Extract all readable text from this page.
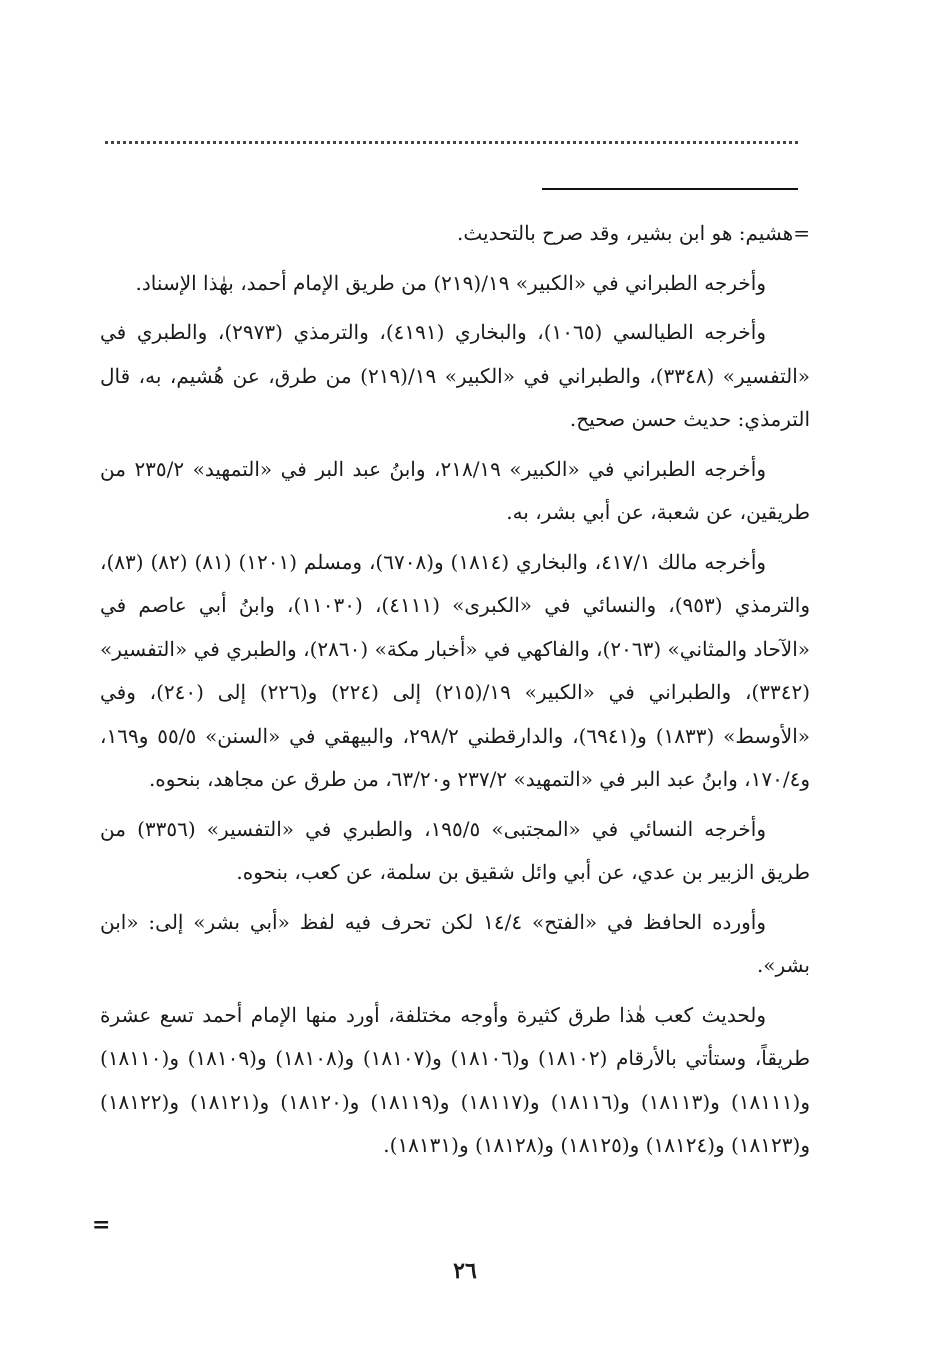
=هشيم: هو ابن بشير، وقد صرح بالتحديث.

وأخرجه الطبراني في «الكبير» ١٩/(٢١٩) من طريق الإمام أحمد، بهٰذا الإسناد.

وأخرجه الطيالسي (١٠٦٥)، والبخاري (٤١٩١)، والترمذي (٢٩٧٣)، والطبري في «التفسير» (٣٣٤٨)، والطبراني في «الكبير» ١٩/(٢١٩) من طرق، عن هُشيم، به، قال الترمذي: حديث حسن صحيح.

وأخرجه الطبراني في «الكبير» ٢١٨/١٩، وابنُ عبد البر في «التمهيد» ٢٣٥/٢ من طريقين، عن شعبة، عن أبي بشر، به.

وأخرجه مالك ٤١٧/١، والبخاري (١٨١٤) و(٦٧٠٨)، ومسلم (١٢٠١) (٨١) (٨٢) (٨٣)، والترمذي (٩٥٣)، والنسائي في «الكبرى» (٤١١١)، (١١٠٣٠)، وابنُ أبي عاصم في «الآحاد والمثاني» (٢٠٦٣)، والفاكهي في «أخبار مكة» (٢٨٦٠)، والطبري في «التفسير» (٣٣٤٢)، والطبراني في «الكبير» ١٩/(٢١٥) إلى (٢٢٤) و(٢٢٦) إلى (٢٤٠)، وفي «الأوسط» (١٨٣٣) و(٦٩٤١)، والدارقطني ٢٩٨/٢، والبيهقي في «السنن» ٥٥/٥ و١٦٩، و١٧٠/٤، وابنُ عبد البر في «التمهيد» ٢٣٧/٢ و٦٣/٢٠، من طرق عن مجاهد، بنحوه.

وأخرجه النسائي في «المجتبى» ١٩٥/٥، والطبري في «التفسير» (٣٣٥٦) من طريق الزبير بن عدي، عن أبي وائل شقيق بن سلمة، عن كعب، بنحوه.

وأورده الحافظ في «الفتح» ١٤/٤ لكن تحرف فيه لفظ «أبي بشر» إلى: «ابن بشر».

ولحديث كعب هٰذا طرق كثيرة وأوجه مختلفة، أورد منها الإمام أحمد تسع عشرة طريقاً، وستأتي بالأرقام (١٨١٠٢) و(١٨١٠٦) و(١٨١٠٧) و(١٨١٠٨) و(١٨١٠٩) و(١٨١١٠) و(١٨١١١) و(١٨١١٣) و(١٨١١٦) و(١٨١١٧) و(١٨١١٩) و(١٨١٢٠) و(١٨١٢١) و(١٨١٢٢) و(١٨١٢٣) و(١٨١٢٤) و(١٨١٢٥) و(١٨١٢٨) و(١٨١٣١).

=
٢٦
